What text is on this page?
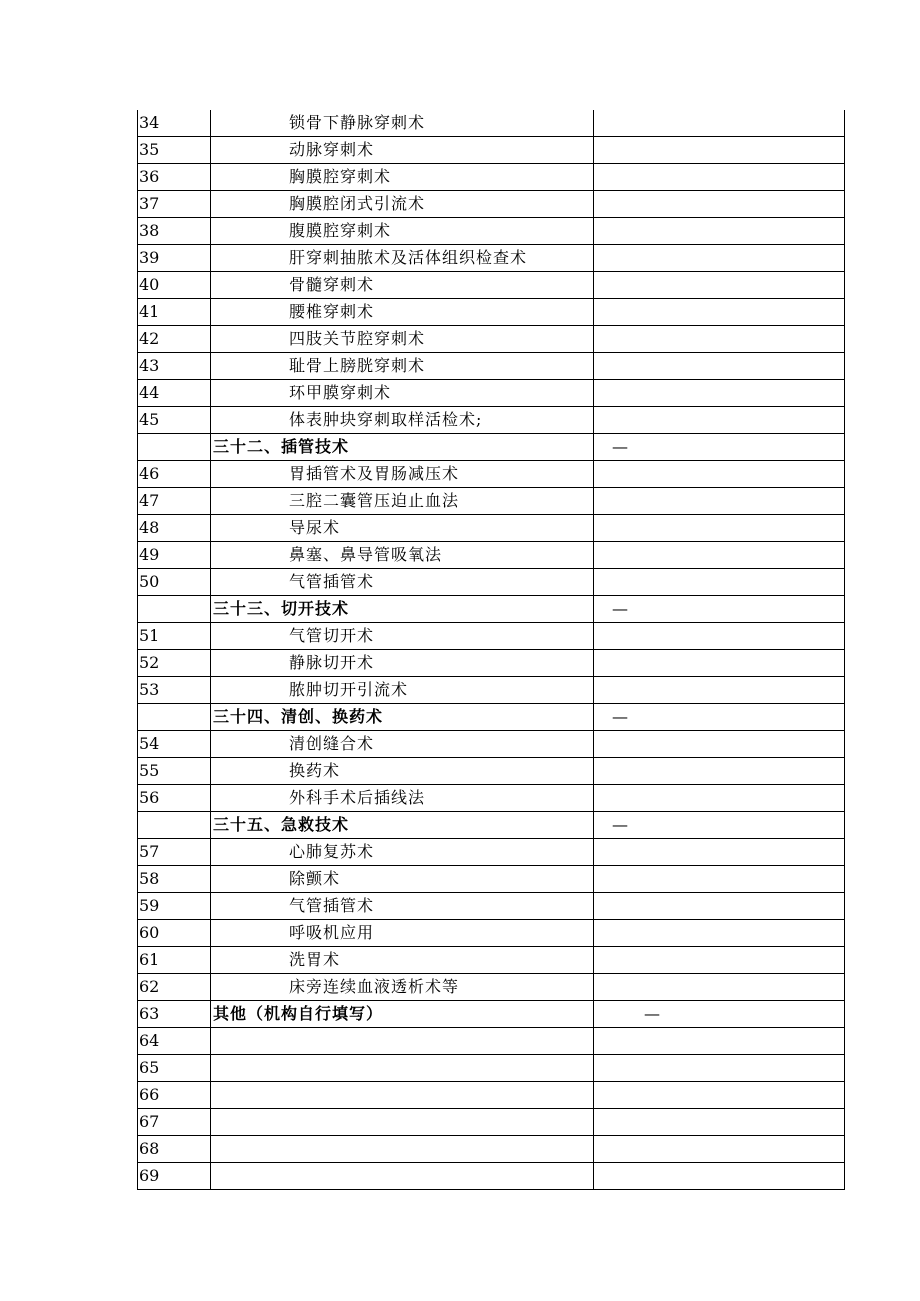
34	锁骨下静脉穿刺术	
35	动脉穿刺术	
36	胸膜腔穿刺术	
37	胸膜腔闭式引流术	
38	腹膜腔穿刺术	
39	肝穿刺抽脓术及活体组织检查术	
40	骨髓穿刺术	
41	腰椎穿刺术	
42	四肢关节腔穿刺术	
43	耻骨上膀胱穿刺术	
44	环甲膜穿刺术	
45	体表肿块穿刺取样活检术;	
	三十二、插管技术	—
46	胃插管术及胃肠减压术	
47	三腔二囊管压迫止血法	
48	导尿术	
49	鼻塞、鼻导管吸氧法	
50	气管插管术	
	三十三、切开技术	—
51	气管切开术	
52	静脉切开术	
53	脓肿切开引流术	
	三十四、清创、换药术	—
54	清创缝合术	
55	换药术	
56	外科手术后插线法	
	三十五、急救技术	—
57	心肺复苏术	
58	除颤术	
59	气管插管术	
60	呼吸机应用	
61	洗胃术	
62	床旁连续血液透析术等	
63	其他（机构自行填写）	—
64		
65		
66		
67		
68		
69		
